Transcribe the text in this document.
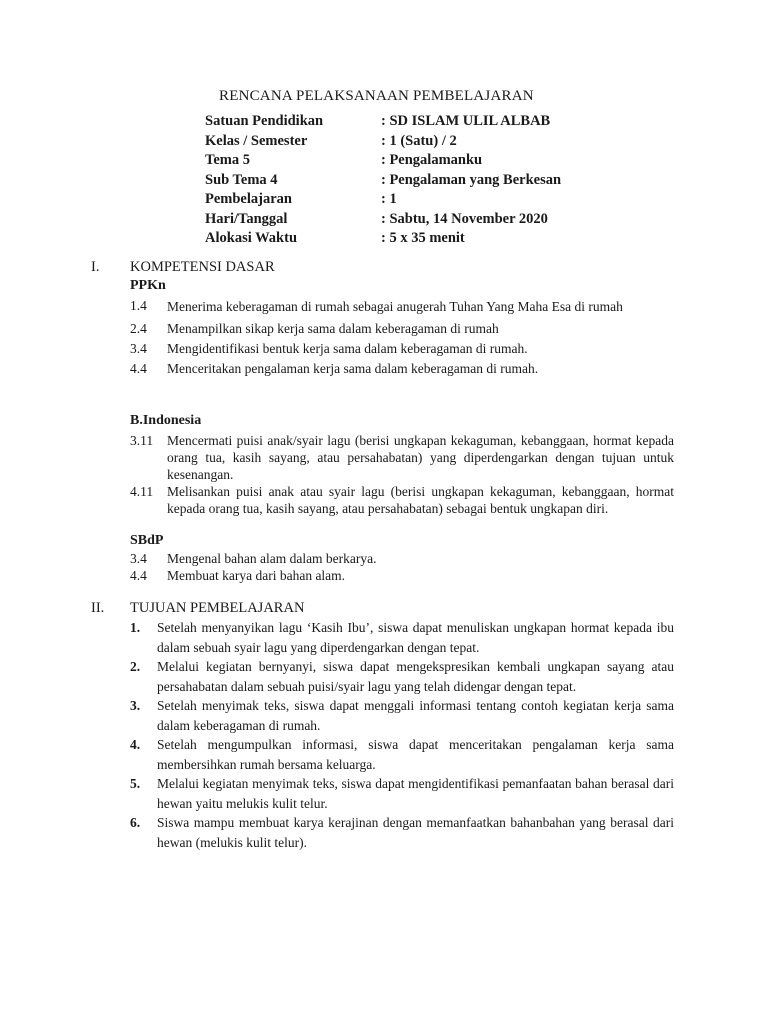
RENCANA PELAKSANAAN PEMBELAJARAN
Satuan Pendidikan	: SD ISLAM ULIL ALBAB
Kelas / Semester	: 1 (Satu) / 2
Tema 5	: Pengalamanku
Sub Tema 4	: Pengalaman yang Berkesan
Pembelajaran	: 1
Hari/Tanggal	: Sabtu, 14 November 2020
Alokasi Waktu	: 5 x 35 menit
I.	KOMPETENSI DASAR
PPKn
1.4	Menerima keberagaman di rumah sebagai anugerah Tuhan Yang Maha Esa di rumah
2.4	Menampilkan sikap kerja sama dalam keberagaman di rumah
3.4	Mengidentifikasi bentuk kerja sama dalam keberagaman di rumah.
4.4	Menceritakan pengalaman kerja sama dalam keberagaman di rumah.
B.Indonesia
3.11	Mencermati puisi anak/syair lagu (berisi ungkapan kekaguman, kebanggaan, hormat kepada orang tua, kasih sayang, atau persahabatan) yang diperdengarkan dengan tujuan untuk kesenangan.
4.11	Melisankan puisi anak atau syair lagu (berisi ungkapan kekaguman, kebanggaan, hormat kepada orang tua, kasih sayang, atau persahabatan) sebagai bentuk ungkapan diri.
SBdP
3.4	Mengenal bahan alam dalam berkarya.
4.4	Membuat karya dari bahan alam.
II.	TUJUAN PEMBELAJARAN
1.	Setelah menyanyikan lagu ‘Kasih Ibu’, siswa dapat menuliskan ungkapan hormat kepada ibu dalam sebuah syair lagu yang diperdengarkan dengan tepat.
2.	Melalui kegiatan bernyanyi, siswa dapat mengekspresikan kembali ungkapan sayang atau persahabatan dalam sebuah puisi/syair lagu yang telah didengar dengan tepat.
3.	Setelah menyimak teks, siswa dapat menggali informasi tentang contoh kegiatan kerja sama dalam keberagaman di rumah.
4.	Setelah mengumpulkan informasi, siswa dapat menceritakan pengalaman kerja sama membersihkan rumah bersama keluarga.
5.	Melalui kegiatan menyimak teks, siswa dapat mengidentifikasi pemanfaatan bahan berasal dari hewan yaitu melukis kulit telur.
6.	Siswa mampu membuat karya kerajinan dengan memanfaatkan bahanbahan yang berasal dari hewan (melukis kulit telur).
